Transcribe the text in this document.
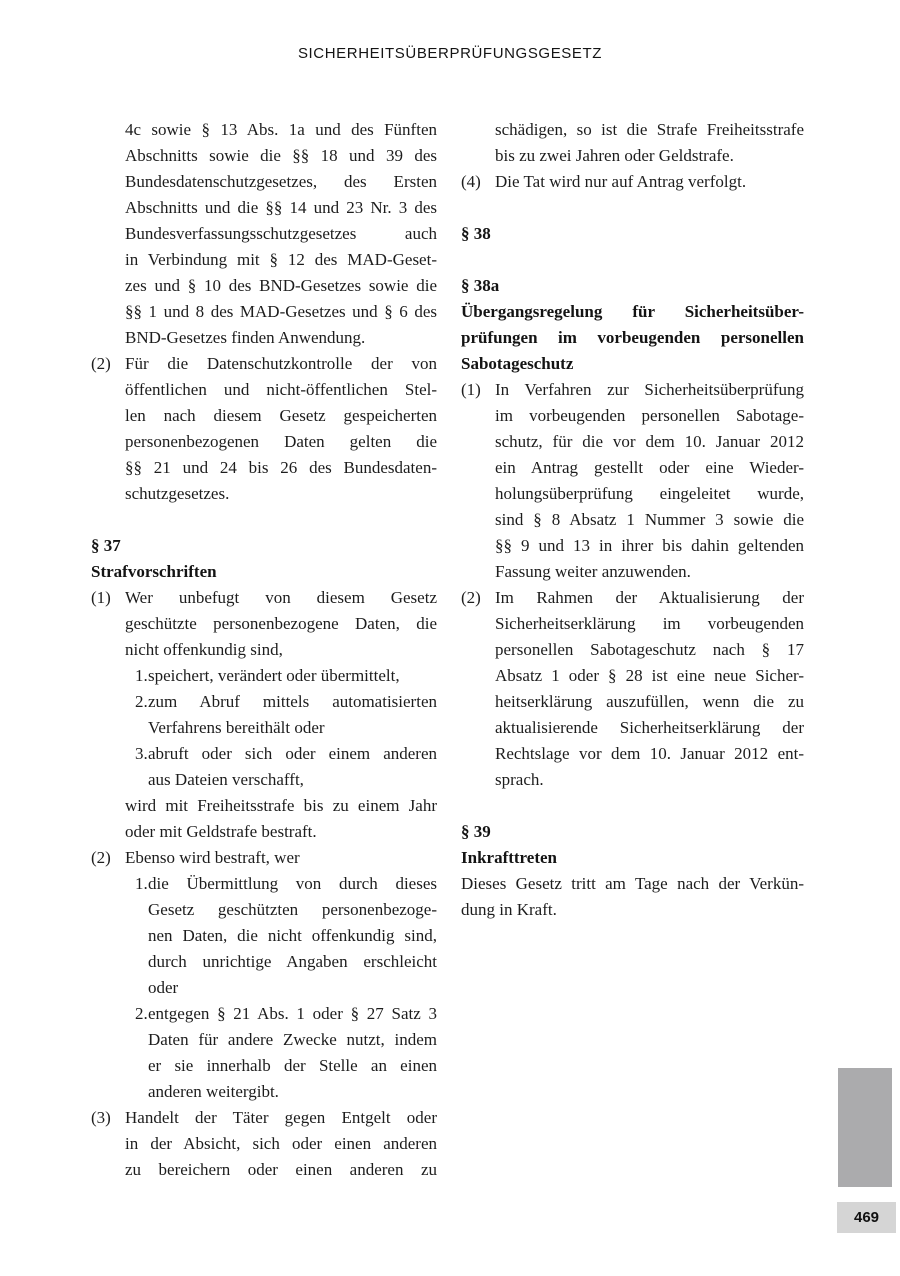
SICHERHEITSÜBERPRÜFUNGSGESETZ
4c sowie § 13 Abs. 1a und des Fünften
Abschnitts sowie die §§ 18 und 39 des
Bundesdatenschutzgesetzes, des Ersten
Abschnitts und die §§ 14 und 23 Nr. 3 des
Bundesverfassungsschutzgesetzes auch
in Verbindung mit § 12 des MAD-Geset-
zes und § 10 des BND-Gesetzes sowie die
§§ 1 und 8 des MAD-Gesetzes und § 6 des
BND-Gesetzes finden Anwendung.
(2) Für die Datenschutzkontrolle der von
öffentlichen und nicht-öffentlichen Stel-
len nach diesem Gesetz gespeicherten
personenbezogenen Daten gelten die
§§ 21 und 24 bis 26 des Bundesdaten-
schutzgesetzes.
§ 37
Strafvorschriften
(1) Wer unbefugt von diesem Gesetz
geschützte personenbezogene Daten, die
nicht offenkundig sind,
1. speichert, verändert oder übermittelt,
2. zum Abruf mittels automatisierten
Verfahrens bereithält oder
3. abruft oder sich oder einem anderen
aus Dateien verschafft,
wird mit Freiheitsstrafe bis zu einem Jahr
oder mit Geldstrafe bestraft.
(2) Ebenso wird bestraft, wer
1. die Übermittlung von durch dieses
Gesetz geschützten personenbezoge-
nen Daten, die nicht offenkundig sind,
durch unrichtige Angaben erschleicht
oder
2. entgegen § 21 Abs. 1 oder § 27 Satz 3
Daten für andere Zwecke nutzt, indem
er sie innerhalb der Stelle an einen
anderen weitergibt.
(3) Handelt der Täter gegen Entgelt oder
in der Absicht, sich oder einen anderen
zu bereichern oder einen anderen zu
schädigen, so ist die Strafe Freiheitsstrafe
bis zu zwei Jahren oder Geldstrafe.
(4) Die Tat wird nur auf Antrag verfolgt.
§ 38
§ 38a
Übergangsregelung für Sicherheitsüber-
prüfungen im vorbeugenden personellen
Sabotageschutz
(1) In Verfahren zur Sicherheitsüberprüfung
im vorbeugenden personellen Sabotage-
schutz, für die vor dem 10. Januar 2012
ein Antrag gestellt oder eine Wieder-
holungsüberprüfung eingeleitet wurde,
sind § 8 Absatz 1 Nummer 3 sowie die
§§ 9 und 13 in ihrer bis dahin geltenden
Fassung weiter anzuwenden.
(2) Im Rahmen der Aktualisierung der
Sicherheitserklärung im vorbeugenden
personellen Sabotageschutz nach § 17
Absatz 1 oder § 28 ist eine neue Sicher-
heitserklärung auszufüllen, wenn die zu
aktualisierende Sicherheitserklärung der
Rechtslage vor dem 10. Januar 2012 ent-
sprach.
§ 39
Inkrafttreten
Dieses Gesetz tritt am Tage nach der Verkün-
dung in Kraft.
469
